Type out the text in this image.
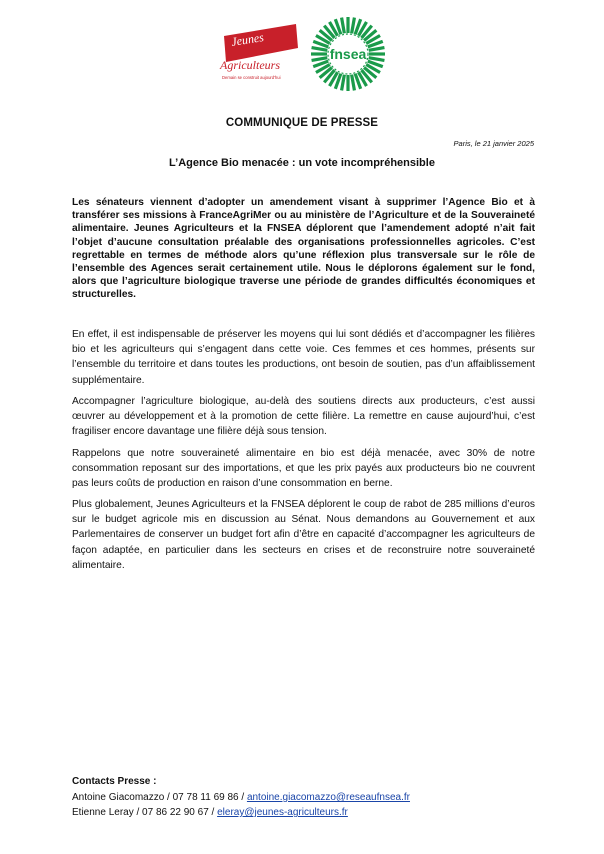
Jeunes
Agriculteurs
Demain se construit aujourd'hui
fnsea
COMMUNIQUE DE PRESSE
Paris, le 21 janvier 2025
L’Agence Bio menacée : un vote incompréhensible

Les sénateurs viennent d’adopter un amendement visant à supprimer l’Agence Bio et à transférer ses missions à FranceAgriMer ou au ministère de l’Agriculture et de la Souveraineté alimentaire. Jeunes Agriculteurs et la FNSEA déplorent que l’amendement adopté n’ait fait l’objet d’aucune consultation préalable des organisations professionnelles agricoles. C’est regrettable en termes de méthode alors qu’une réflexion plus transversale sur le rôle de l’ensemble des Agences serait certainement utile. Nous le déplorons également sur le fond, alors que l’agriculture biologique traverse une période de grandes difficultés économiques et structurelles.

En effet, il est indispensable de préserver les moyens qui lui sont dédiés et d’accompagner les filières bio et les agriculteurs qui s’engagent dans cette voie. Ces femmes et ces hommes, présents sur l’ensemble du territoire et dans toutes les productions, ont besoin de soutien, pas d’un affaiblissement supplémentaire.

Accompagner l’agriculture biologique, au-delà des soutiens directs aux producteurs, c’est aussi œuvrer au développement et à la promotion de cette filière. La remettre en cause aujourd’hui, c’est fragiliser encore davantage une filière déjà sous tension.

Rappelons que notre souveraineté alimentaire en bio est déjà menacée, avec 30% de notre consommation reposant sur des importations, et que les prix payés aux producteurs bio ne couvrent pas leurs coûts de production en raison d’une consommation en berne.

Plus globalement, Jeunes Agriculteurs et la FNSEA déplorent le coup de rabot de 285 millions d’euros sur le budget agricole mis en discussion au Sénat. Nous demandons au Gouvernement et aux Parlementaires de conserver un budget fort afin d’être en capacité d’accompagner les agriculteurs de façon adaptée, en particulier dans les secteurs en crises et de reconstruire notre souveraineté alimentaire.

Contacts Presse :
Antoine Giacomazzo / 07 78 11 69 86 / antoine.giacomazzo@reseaufnsea.fr
Etienne Leray / 07 86 22 90 67 / eleray@jeunes-agriculteurs.fr
